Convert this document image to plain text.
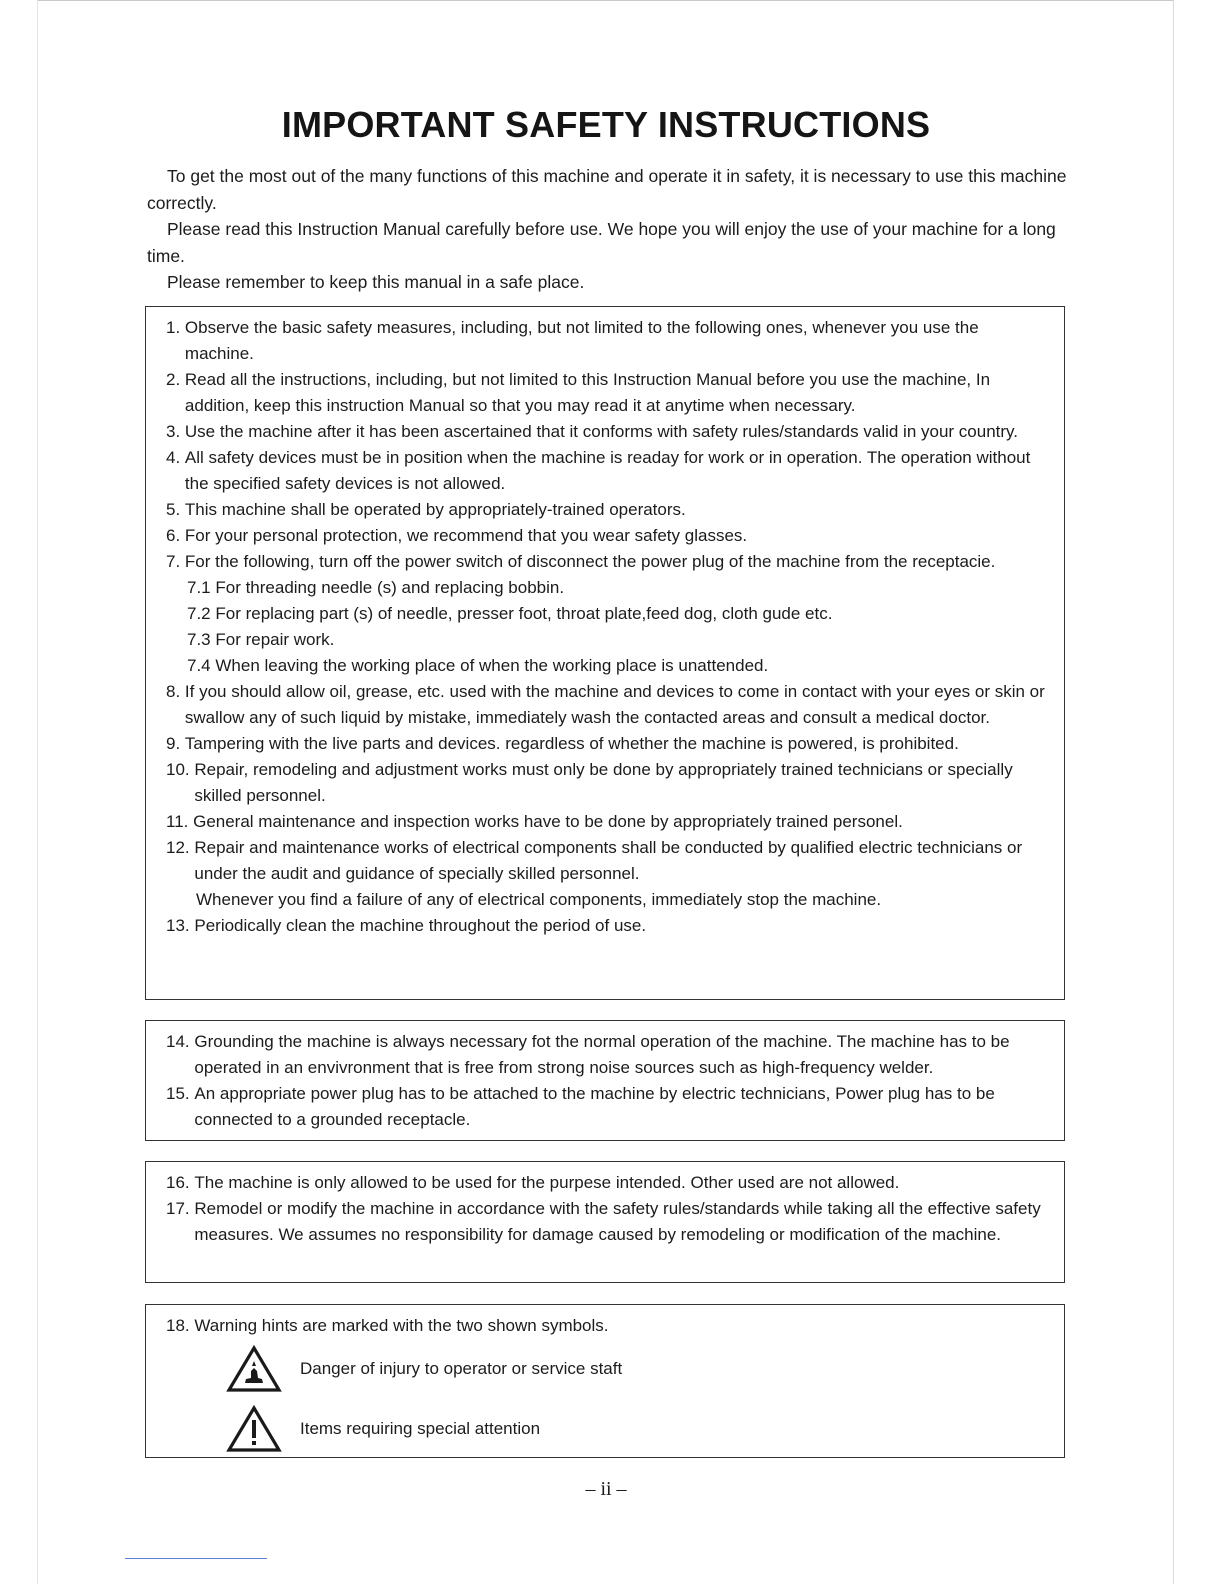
IMPORTANT SAFETY INSTRUCTIONS

To get the most out of the many functions of this machine and operate it in safety, it is necessary to use this machine correctly.

Please read this Instruction Manual carefully before use. We hope you will enjoy the use of your machine for a long time.

Please remember to keep this manual in a safe place.

1. Observe the basic safety measures, including, but not limited to the following ones, whenever you use the machine.
2. Read all the instructions, including, but not limited to this Instruction Manual before you use the machine, In addition, keep this instruction Manual so that you may read it at anytime when necessary.
3. Use the machine after it has been ascertained that it conforms with safety rules/standards valid in your country.
4. All safety devices must be in position when the machine is readay for work or in operation. The operation without the specified safety devices is not allowed.
5. This machine shall be operated by appropriately-trained operators.
6. For your personal protection, we recommend that you wear safety glasses.
7. For the following, turn off the power switch of disconnect the power plug of the machine from the receptacie.
7.1 For threading needle (s) and replacing bobbin.
7.2 For replacing part (s) of needle, presser foot, throat plate,feed dog, cloth gude etc.
7.3 For repair work.
7.4 When leaving the working place of when the working place is unattended.
8. If you should allow oil, grease, etc. used with the machine and devices to come in contact with your eyes or skin or swallow any of such liquid by mistake, immediately wash the contacted areas and consult a medical doctor.
9. Tampering with the live parts and devices. regardless of whether the machine is powered, is prohibited.
10. Repair, remodeling and adjustment works must only be done by appropriately trained technicians or specially skilled personnel.
11. General maintenance and inspection works have to be done by appropriately trained personel.
12. Repair and maintenance works of electrical components shall be conducted by qualified electric technicians or under the audit and guidance of specially skilled personnel.
Whenever you find a failure of any of electrical components, immediately stop the machine.
13. Periodically clean the machine throughout the period of use.
14. Grounding the machine is always necessary fot the normal operation of the machine. The machine has to be operated in an envivronment that is free from strong noise sources such as high-frequency welder.
15. An appropriate power plug has to be attached to the machine by electric technicians, Power plug has to be connected to a grounded receptacle.
16. The machine is only allowed to be used for the purpese intended. Other used are not allowed.
17. Remodel or modify the machine in accordance with the safety rules/standards while taking all the effective safety measures. We assumes no responsibility for damage caused by remodeling or modification of the machine.
18. Warning hints are marked with the two shown symbols.
Danger of injury to operator or service staft
Items requiring special attention
– ii –
